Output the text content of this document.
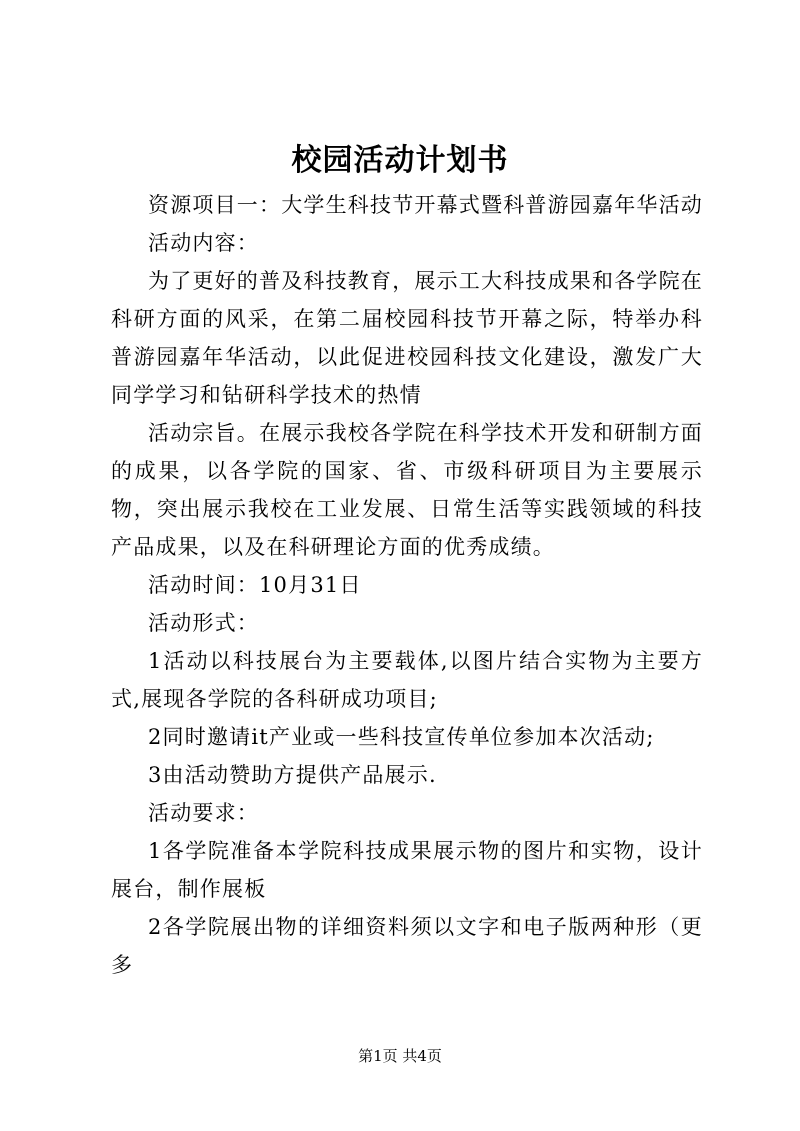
校园活动计划书

资源项目一：大学生科技节开幕式暨科普游园嘉年华活动

活动内容：

为了更好的普及科技教育，展示工大科技成果和各学院在科研方面的风采，在第二届校园科技节开幕之际，特举办科普游园嘉年华活动，以此促进校园科技文化建设，激发广大同学学习和钻研科学技术的热情

活动宗旨。在展示我校各学院在科学技术开发和研制方面的成果，以各学院的国家、省、市级科研项目为主要展示物，突出展示我校在工业发展、日常生活等实践领域的科技产品成果，以及在科研理论方面的优秀成绩。

活动时间：10月31日

活动形式：

1活动以科技展台为主要载体,以图片结合实物为主要方式,展现各学院的各科研成功项目;

2同时邀请it产业或一些科技宣传单位参加本次活动;

3由活动赞助方提供产品展示.

活动要求：

1各学院准备本学院科技成果展示物的图片和实物，设计展台，制作展板

2各学院展出物的详细资料须以文字和电子版两种形（更多

第1页 共4页
